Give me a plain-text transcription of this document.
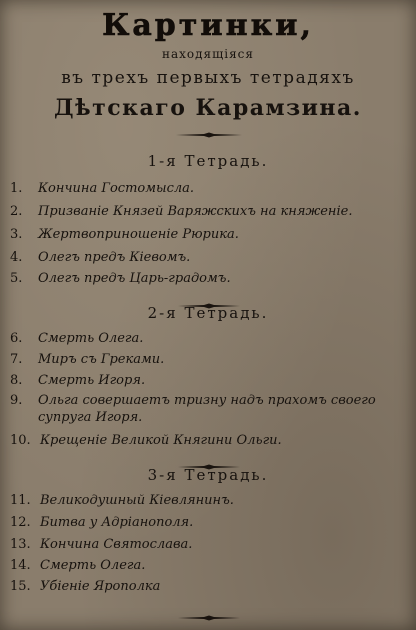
Картинки,
находящіяся
въ трехъ первыхъ тетрадяхъ
Дѣтскаго Карамзина.
1-я Тетрадь.
1. Кончина Гостомысла.
2. Призваніе Князей Варяжскихъ на княженіе.
3. Жертвоприношеніе Рюрика.
4. Олегъ предъ Кіевомъ.
5. Олегъ предъ Царь-градомъ.
2-я Тетрадь.
6. Смерть Олега.
7. Миръ съ Греками.
8. Смерть Игоря.
9. Ольга совершаетъ тризну надъ прахомъ своего
супруга Игоря.
10. Крещеніе Великой Княгини Ольги.
3-я Тетрадь.
11. Великодушный Кіевлянинъ.
12. Битва у Адріанополя.
13. Кончина Святослава.
14. Смерть Олега.
15. Убіеніе Ярополка
